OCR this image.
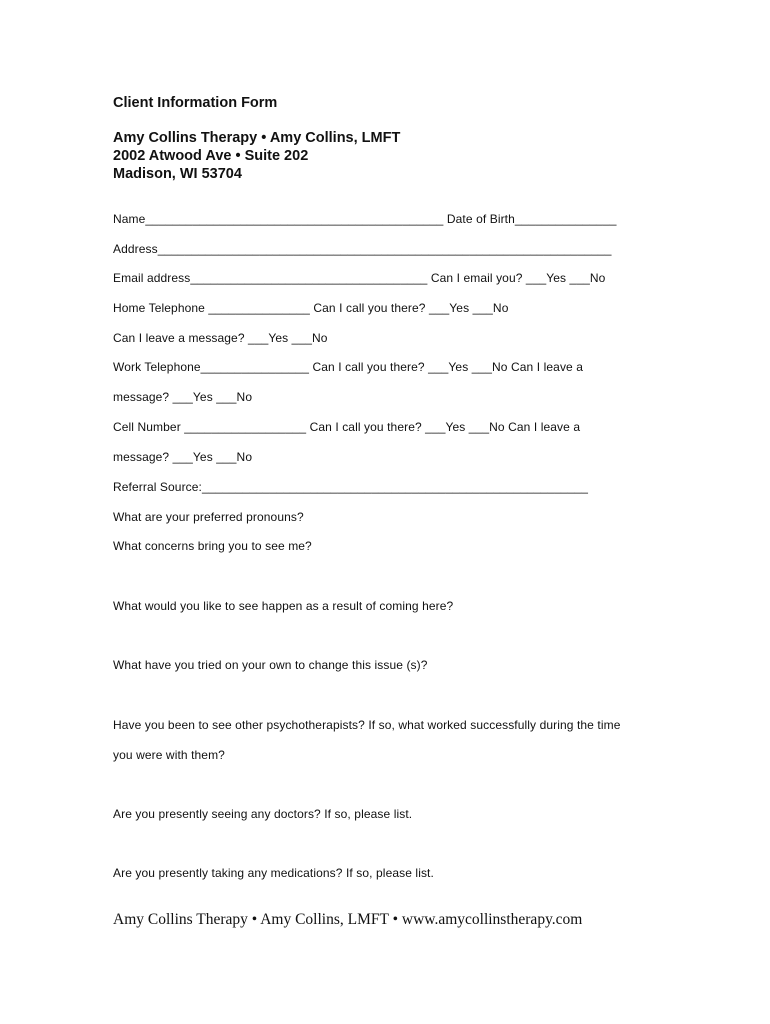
Client Information Form
Amy Collins Therapy • Amy Collins, LMFT
2002 Atwood Ave • Suite 202
Madison, WI 53704
Name____________________________________________ Date of Birth_______________
Address___________________________________________________________________
Email address___________________________________ Can I email you? ___Yes ___No
Home Telephone _______________ Can I call you there? ___Yes ___No
Can I leave a message? ___Yes ___No
Work Telephone________________ Can I call you there? ___Yes ___No Can I leave a
message? ___Yes ___No
Cell Number __________________ Can I call you there? ___Yes ___No Can I leave a
message? ___Yes ___No
Referral Source:_________________________________________________________
What are your preferred pronouns?
What concerns bring you to see me?
What would you like to see happen as a result of coming here?
What have you tried on your own to change this issue (s)?
Have you been to see other psychotherapists? If so, what worked successfully during the time
you were with them?
Are you presently seeing any doctors? If so, please list.
Are you presently taking any medications? If so, please list.
Amy Collins Therapy • Amy Collins, LMFT • www.amycollinstherapy.com
